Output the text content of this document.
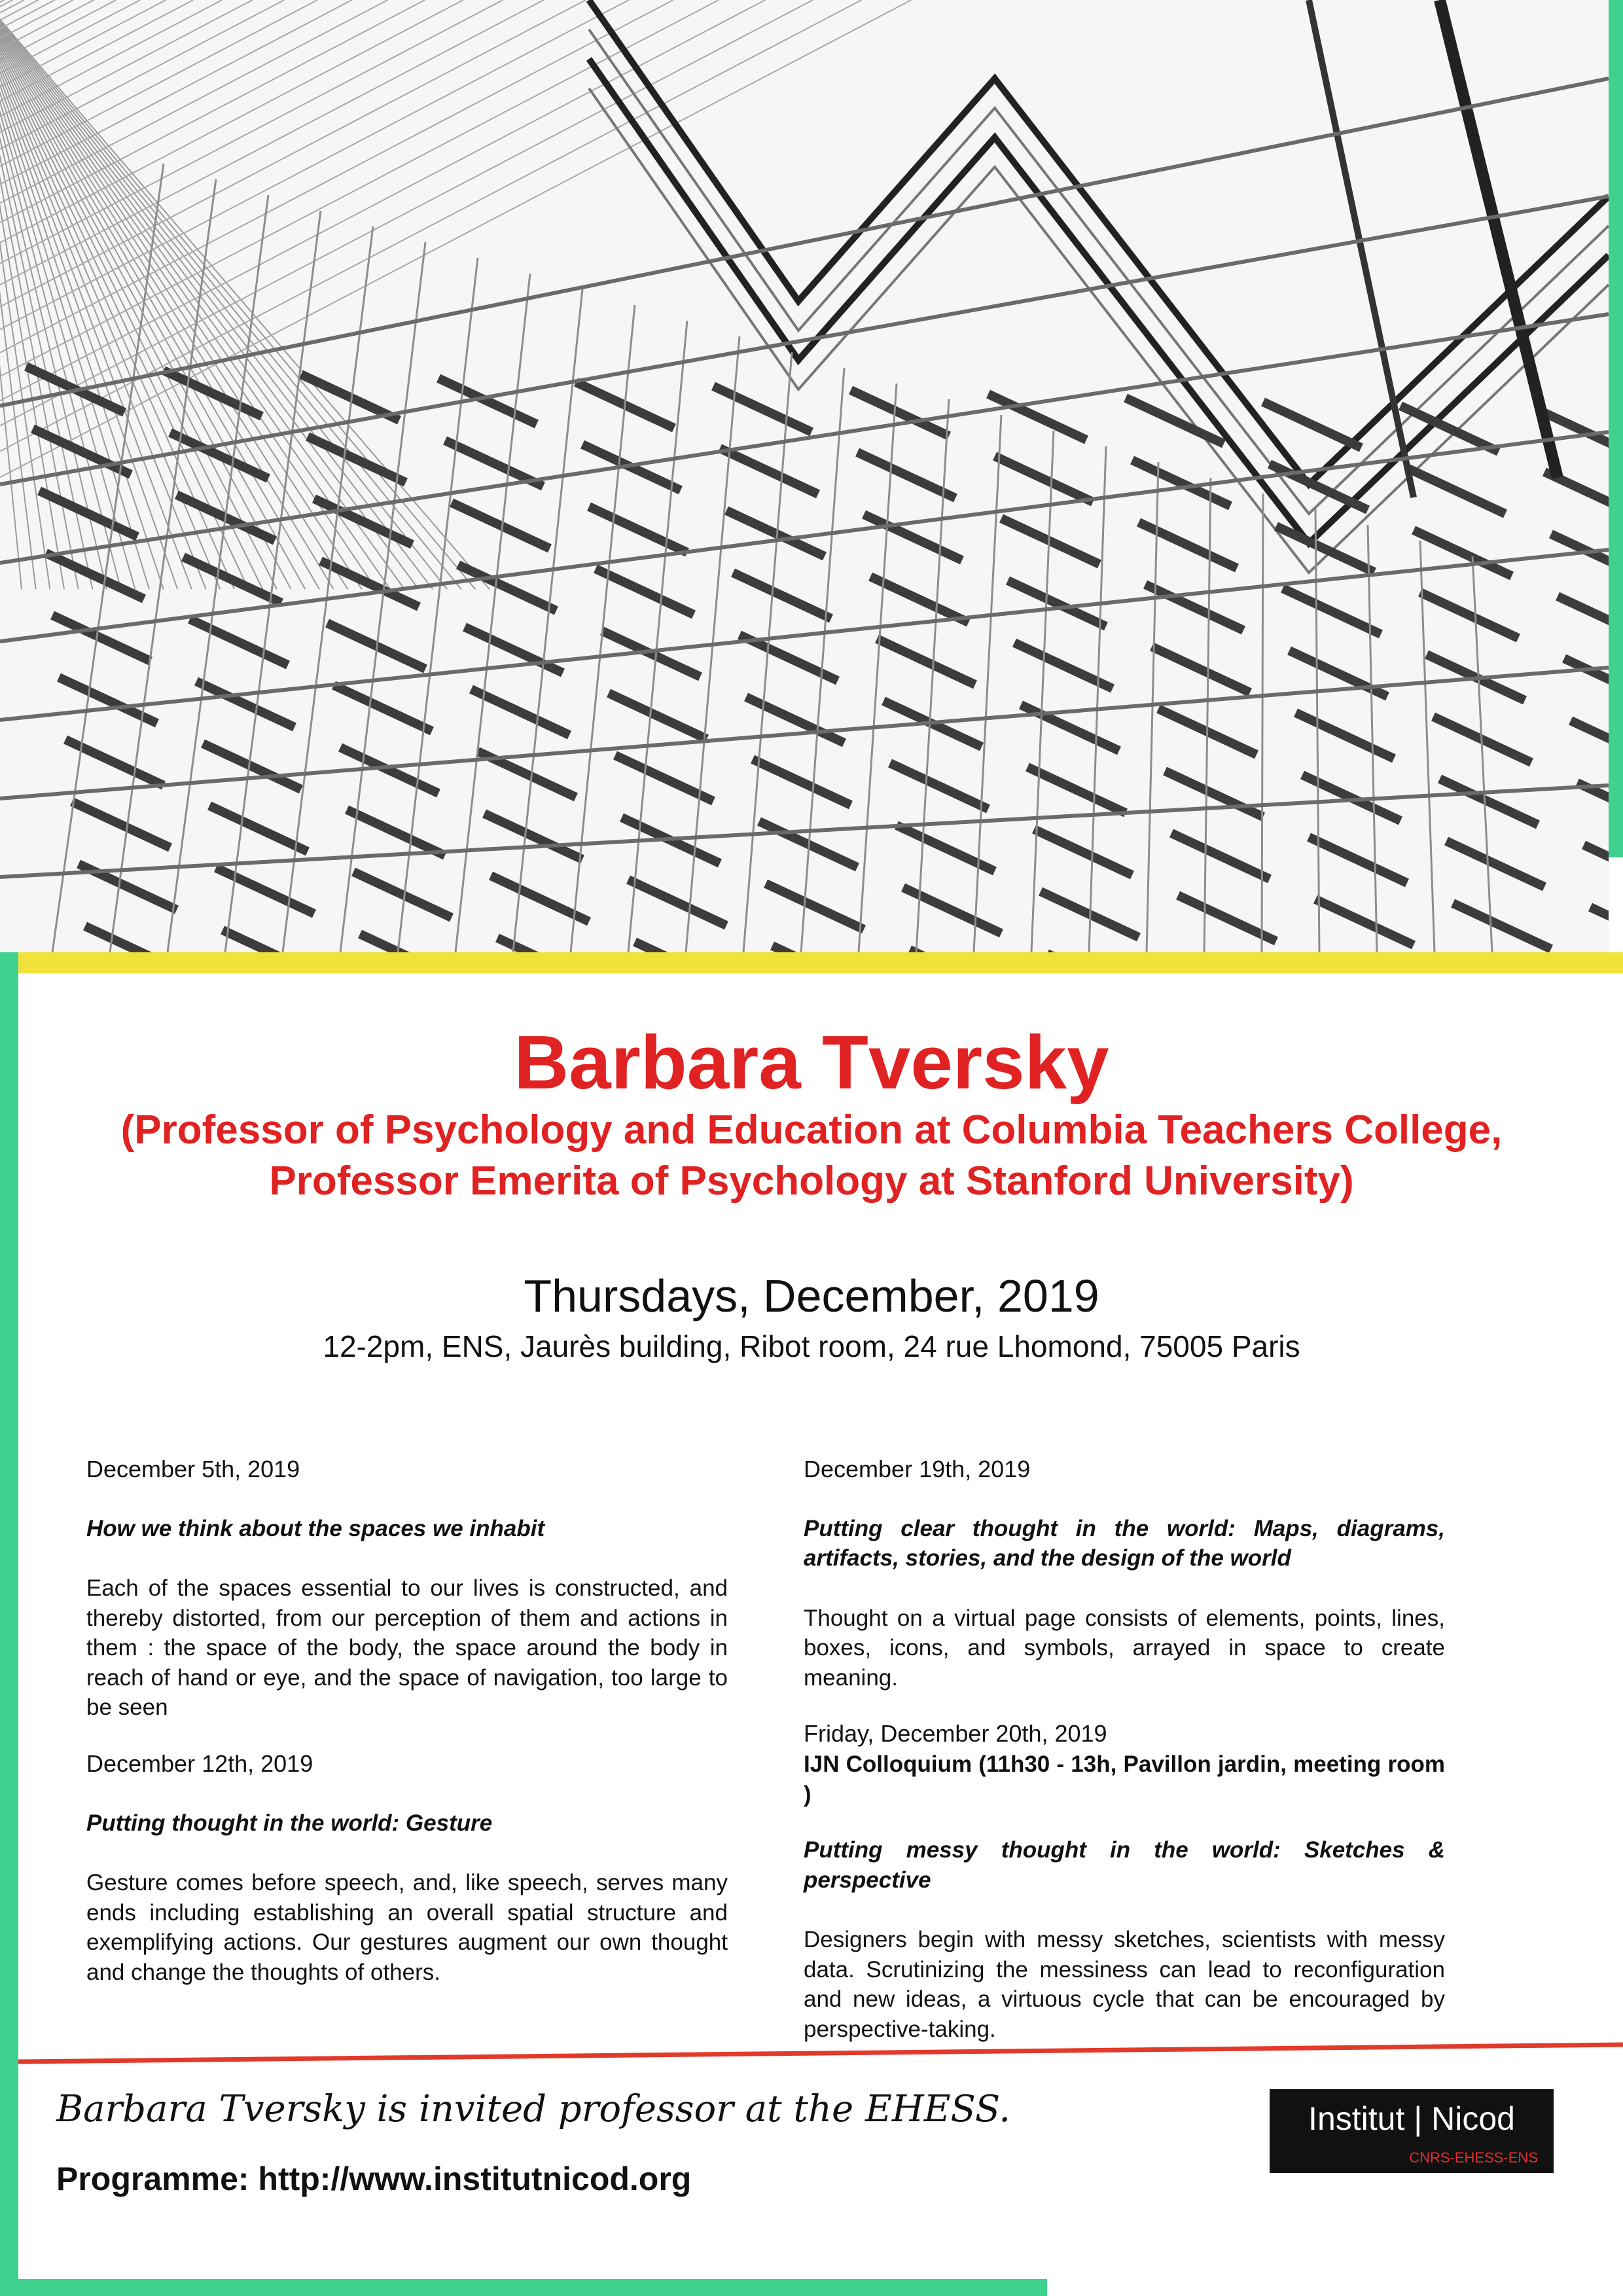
Barbara Tversky
(Professor of Psychology and Education at Columbia Teachers College,
Professor Emerita of Psychology at Stanford University)
Thursdays, December, 2019
12-2pm, ENS, Jaurès building, Ribot room, 24 rue Lhomond, 75005 Paris

December 5th, 2019

How we think about the spaces we inhabit

Each of the spaces essential to our lives is constructed, and thereby distorted, from our perception of them and actions in them : the space of the body, the space around the body in reach of hand or eye, and the space of navigation, too large to be seen

December 12th, 2019

Putting thought in the world: Gesture

Gesture comes before speech, and, like speech, serves many ends including establishing an overall spatial structure and exemplifying actions. Our gestures augment our own thought and change the thoughts of others.

December 19th, 2019

Putting clear thought in the world: Maps, diagrams, artifacts, stories, and the design of the world

Thought on a virtual page consists of elements, points, lines, boxes, icons, and symbols, arrayed in space to create meaning.

Friday, December 20th, 2019

IJN Colloquium (11h30 - 13h, Pavillon jardin, meeting room )

Putting messy thought in the world: Sketches & perspective

Designers begin with messy sketches, scientists with messy data. Scrutinizing the messiness can lead to reconfiguration and new ideas, a virtuous cycle that can be encouraged by perspective-taking.

Barbara Tversky is invited professor at the EHESS.
Programme: http://www.institutnicod.org
Institut | Nicod
CNRS-EHESS-ENS
